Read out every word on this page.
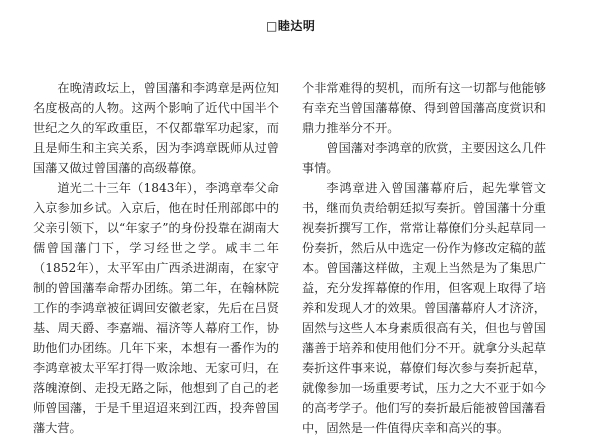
□睦达明

在晚清政坛上，曾国藩和李鸿章是两位知名度极高的人物。这两个影响了近代中国半个世纪之久的军政重臣，不仅都靠军功起家，而且是师生和主宾关系，因为李鸿章既师从过曾国藩又做过曾国藩的高级幕僚。

道光二十三年（1843年），李鸿章奉父命入京参加乡试。入京后，他在时任刑部郎中的父亲引领下，以“年家子”的身份投靠在湖南大儒曾国藩门下，学习经世之学。咸丰二年（1852年），太平军由广西杀进湖南，在家守制的曾国藩奉命帮办团练。第二年，在翰林院工作的李鸿章被征调回安徽老家，先后在吕贤基、周天爵、李嘉端、福济等人幕府工作，协助他们办团练。几年下来，本想有一番作为的李鸿章被太平军打得一败涂地、无家可归，在落魄潦倒、走投无路之际，他想到了自己的老师曾国藩，于是千里迢迢来到江西，投奔曾国藩大营。

个非常难得的契机，而所有这一切都与他能够有幸充当曾国藩幕僚、得到曾国藩高度赏识和鼎力推举分不开。

曾国藩对李鸿章的欣赏，主要因这么几件事情。

李鸿章进入曾国藩幕府后，起先掌管文书，继而负责给朝廷拟写奏折。曾国藩十分重视奏折撰写工作，常常让幕僚们分头起草同一份奏折，然后从中选定一份作为修改定稿的蓝本。曾国藩这样做，主观上当然是为了集思广益，充分发挥幕僚的作用，但客观上取得了培养和发现人才的效果。曾国藩幕府人才济济，固然与这些人本身素质很高有关，但也与曾国藩善于培养和使用他们分不开。就拿分头起草奏折这件事来说，幕僚们每次参与奏折起草，就像参加一场重要考试，压力之大不亚于如今的高考学子。他们写的奏折最后能被曾国藩看中，固然是一件值得庆幸和高兴的事。
